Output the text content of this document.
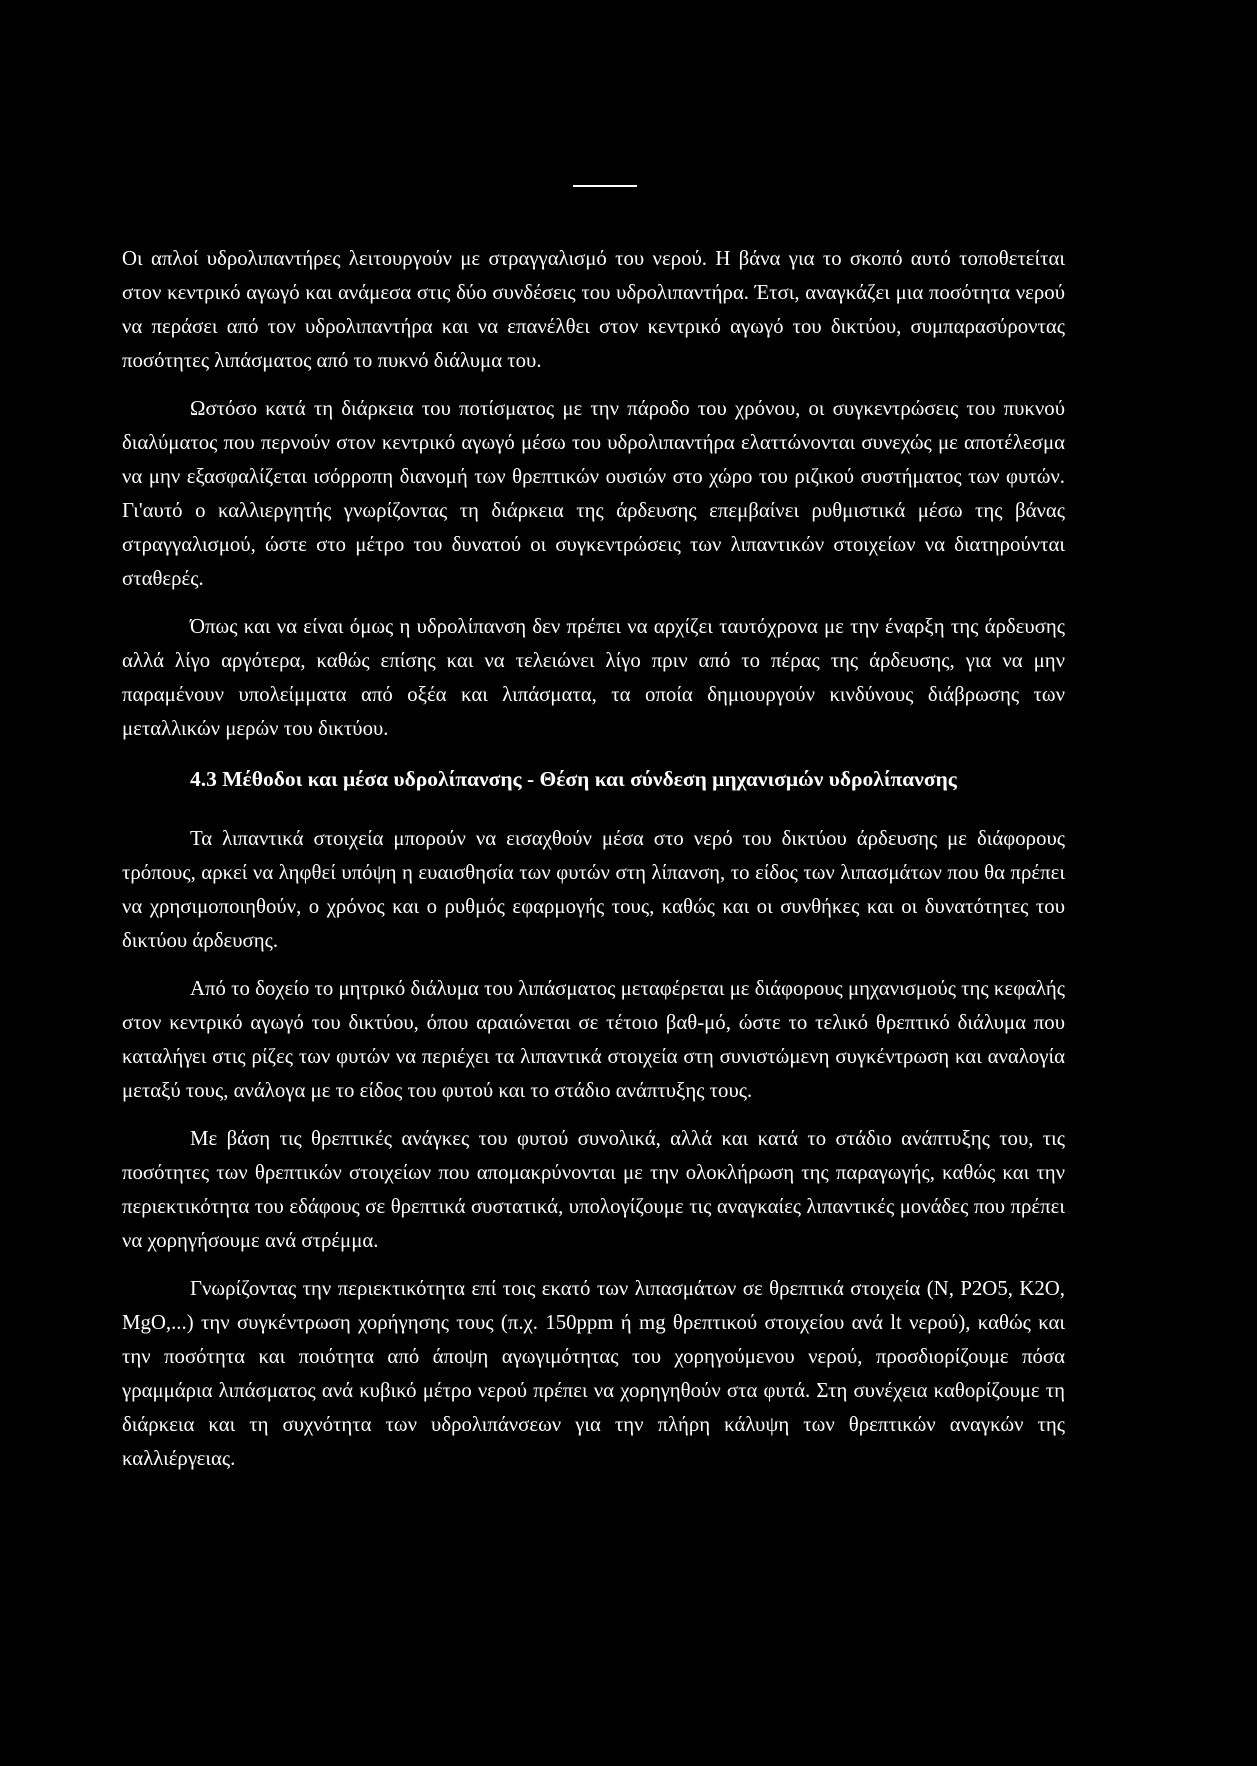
Οι απλοί υδρολιπαντήρες λειτουργούν με στραγγαλισμό του νερού. Η βάνα για το σκοπό αυτό τοποθετείται στον κεντρικό αγωγό και ανάμεσα στις δύο συνδέσεις του υδρολιπαντήρα. Έτσι, αναγκάζει μια ποσότητα νερού να περάσει από τον υδρολιπαντήρα και να επανέλθει στον κεντρικό αγωγό του δικτύου, συμπαρασύροντας ποσότητες λιπάσματος από το πυκνό διάλυμα του.

Ωστόσο κατά τη διάρκεια του ποτίσματος με την πάροδο του χρόνου, οι συγκεντρώσεις του πυκνού διαλύματος που περνούν στον κεντρικό αγωγό μέσω του υδρολιπαντήρα ελαττώνονται συνεχώς με αποτέλεσμα να μην εξασφαλίζεται ισόρροπη διανομή των θρεπτικών ουσιών στο χώρο του ριζικού συστήματος των φυτών. Γι'αυτό ο καλλιεργητής γνωρίζοντας τη διάρκεια της άρδευσης επεμβαίνει ρυθμιστικά μέσω της βάνας στραγγαλισμού, ώστε στο μέτρο του δυνατού οι συγκεντρώσεις των λιπαντικών στοιχείων να διατηρούνται σταθερές.

Όπως και να είναι όμως η υδρολίπανση δεν πρέπει να αρχίζει ταυτόχρονα με την έναρξη της άρδευσης αλλά λίγο αργότερα, καθώς επίσης και να τελειώνει λίγο πριν από το πέρας της άρδευσης, για να μην παραμένουν υπολείμματα από οξέα και λιπάσματα, τα οποία δημιουργούν κινδύνους διάβρωσης των μεταλλικών μερών του δικτύου.

4.3 Μέθοδοι και μέσα υδρολίπανσης - Θέση και σύνδεση μηχανισμών υδρολίπανσης

Τα λιπαντικά στοιχεία μπορούν να εισαχθούν μέσα στο νερό του δικτύου άρδευσης με διάφορους τρόπους, αρκεί να ληφθεί υπόψη η ευαισθησία των φυτών στη λίπανση, το είδος των λιπασμάτων που θα πρέπει να χρησιμοποιηθούν, ο χρόνος και ο ρυθμός εφαρμογής τους, καθώς και οι συνθήκες και οι δυνατότητες του δικτύου άρδευσης.

Από το δοχείο το μητρικό διάλυμα του λιπάσματος μεταφέρεται με διάφορους μηχανισμούς της κεφαλής στον κεντρικό αγωγό του δικτύου, όπου αραιώνεται σε τέτοιο βαθ-μό, ώστε το τελικό θρεπτικό διάλυμα που καταλήγει στις ρίζες των φυτών να περιέχει τα λιπαντικά στοιχεία στη συνιστώμενη συγκέντρωση και αναλογία μεταξύ τους, ανάλογα με το είδος του φυτού και το στάδιο ανάπτυξης τους.

Με βάση τις θρεπτικές ανάγκες του φυτού συνολικά, αλλά και κατά το στάδιο ανάπτυξης του, τις ποσότητες των θρεπτικών στοιχείων που απομακρύνονται με την ολοκλήρωση της παραγωγής, καθώς και την περιεκτικότητα του εδάφους σε θρεπτικά συστατικά, υπολογίζουμε τις αναγκαίες λιπαντικές μονάδες που πρέπει να χορηγήσουμε ανά στρέμμα.

Γνωρίζοντας την περιεκτικότητα επί τοις εκατό των λιπασμάτων σε θρεπτικά στοιχεία (Ν, Ρ2Ο5, Κ2Ο, MgO,...) την συγκέντρωση χορήγησης τους (π.χ. 150ppm ή mg θρεπτικού στοιχείου ανά lt νερού), καθώς και την ποσότητα και ποιότητα από άποψη αγωγιμότητας του χορηγούμενου νερού, προσδιορίζουμε πόσα γραμμάρια λιπάσματος ανά κυβικό μέτρο νερού πρέπει να χορηγηθούν στα φυτά. Στη συνέχεια καθορίζουμε τη διάρκεια και τη συχνότητα των υδρολιπάνσεων για την πλήρη κάλυψη των θρεπτικών αναγκών της καλλιέργειας.
